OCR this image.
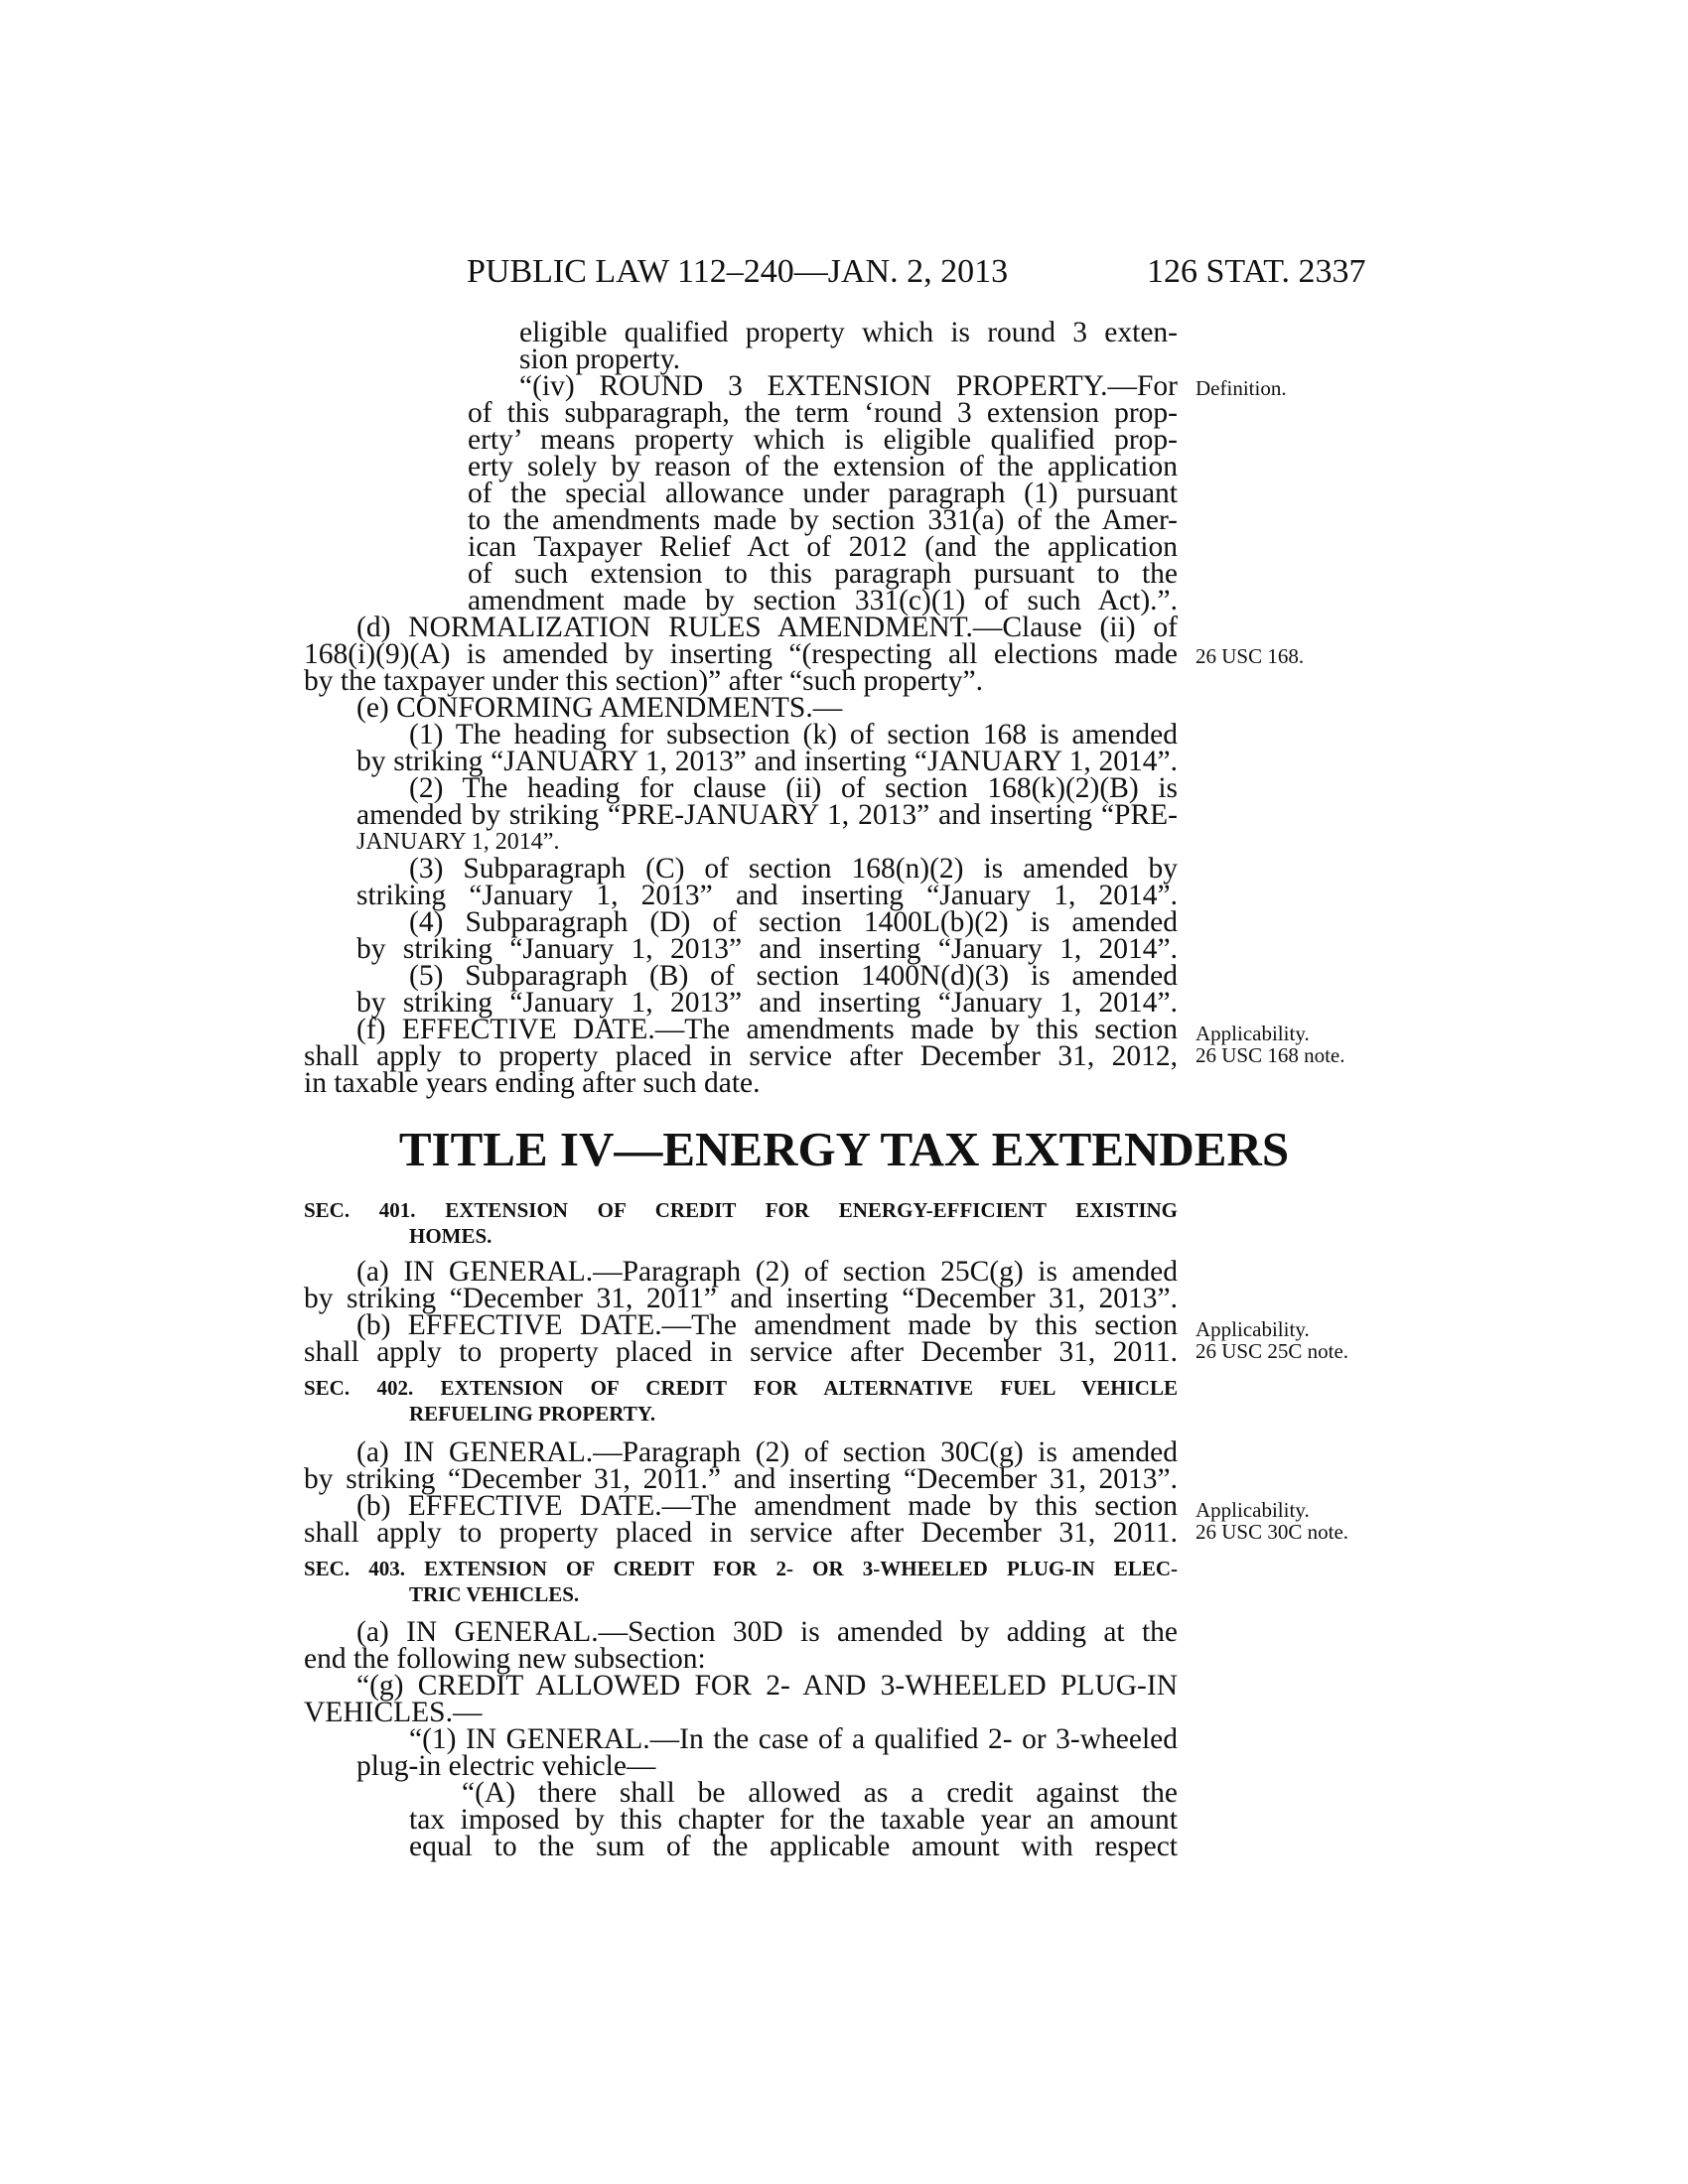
PUBLIC LAW 112–240—JAN. 2, 2013	126 STAT. 2337
eligible qualified property which is round 3 exten-
sion property.
“(iv) ROUND 3 EXTENSION PROPERTY.—For
of this subparagraph, the term ‘round 3 extension prop-
erty’ means property which is eligible qualified prop-
erty solely by reason of the extension of the application
of the special allowance under paragraph (1) pursuant
to the amendments made by section 331(a) of the Amer-
ican Taxpayer Relief Act of 2012 (and the application
of such extension to this paragraph pursuant to the
amendment made by section 331(c)(1) of such Act).”.
(d) NORMALIZATION RULES AMENDMENT.—Clause (ii) of
168(i)(9)(A) is amended by inserting “(respecting all elections made
by the taxpayer under this section)” after “such property”.
(e) CONFORMING AMENDMENTS.—
(1) The heading for subsection (k) of section 168 is amended
by striking “JANUARY 1, 2013” and inserting “JANUARY 1, 2014”.
(2) The heading for clause (ii) of section 168(k)(2)(B) is
amended by striking “PRE-JANUARY 1, 2013” and inserting “PRE-
JANUARY 1, 2014”.
(3) Subparagraph (C) of section 168(n)(2) is amended by
striking “January 1, 2013” and inserting “January 1, 2014”.
(4) Subparagraph (D) of section 1400L(b)(2) is amended
by striking “January 1, 2013” and inserting “January 1, 2014”.
(5) Subparagraph (B) of section 1400N(d)(3) is amended
by striking “January 1, 2013” and inserting “January 1, 2014”.
(f) EFFECTIVE DATE.—The amendments made by this section
shall apply to property placed in service after December 31, 2012,
in taxable years ending after such date.
TITLE IV—ENERGY TAX EXTENDERS
SEC. 401. EXTENSION OF CREDIT FOR ENERGY-EFFICIENT EXISTING
HOMES.
(a) IN GENERAL.—Paragraph (2) of section 25C(g) is amended
by striking “December 31, 2011” and inserting “December 31, 2013”.
(b) EFFECTIVE DATE.—The amendment made by this section
shall apply to property placed in service after December 31, 2011.
SEC. 402. EXTENSION OF CREDIT FOR ALTERNATIVE FUEL VEHICLE
REFUELING PROPERTY.
(a) IN GENERAL.—Paragraph (2) of section 30C(g) is amended
by striking “December 31, 2011.” and inserting “December 31, 2013”.
(b) EFFECTIVE DATE.—The amendment made by this section
shall apply to property placed in service after December 31, 2011.
SEC. 403. EXTENSION OF CREDIT FOR 2- OR 3-WHEELED PLUG-IN ELEC-
TRIC VEHICLES.
(a) IN GENERAL.—Section 30D is amended by adding at the
end the following new subsection:
“(g) CREDIT ALLOWED FOR 2- AND 3-WHEELED PLUG-IN
VEHICLES.—
“(1) IN GENERAL.—In the case of a qualified 2- or 3-wheeled
plug-in electric vehicle—
“(A) there shall be allowed as a credit against the
tax imposed by this chapter for the taxable year an amount
equal to the sum of the applicable amount with respect
Definition.
26 USC 168.
Applicability.
26 USC 168 note.
Applicability.
26 USC 25C note.
Applicability.
26 USC 30C note.
